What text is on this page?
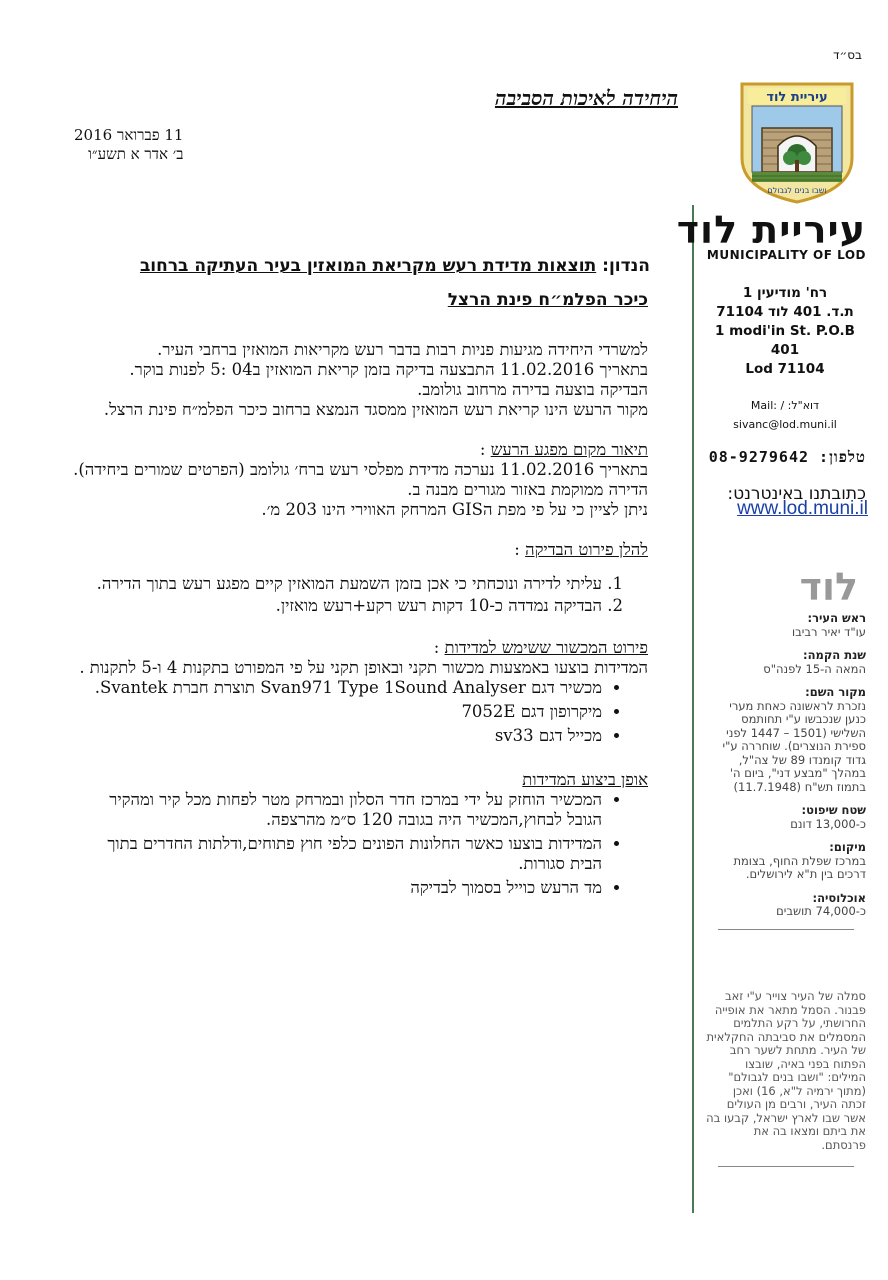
בס״ד
היחידה לאיכות הסביבה
11 פברואר 2016
ב׳ אדר א תשע״ו
עיריית לוד
ושבו בנים לגבולם
עיריית לוד
MUNICIPALITY OF LOD
רח' מודיעין 1
ת.ד. 401 לוד 71104
1 modi'in St. P.O.B
401
Lod 71104
Mail: / :דוא"ל
sivanc@lod.muni.il
טלפון: 08-9279642
כתובתנו באינטרנט:
www.lod.muni.il
לוד
ראש העיר:
עו"ד יאיר רביבו
שנת הקמה:
המאה ה-15 לפנה"ס
מקור השם:
נזכרת לראשונה כאחת מערי כנען שנכבשו ע"י תחותמס השלישי (1501 – 1447 לפני ספירת הנוצרים). שוחררה ע"י גדוד קומנדו 89 של צה"ל, במהלך "מבצע דני", ביום ה' בתמוז תש"ח (11.7.1948)
שטח שיפוט:
כ-13,000 דונם
מיקום:
במרכז שפלת החוף, בצומת דרכים בין ת"א לירושלים.
אוכלוסיה:
כ-74,000 תושבים
סמלה של העיר צוייר ע"י זאב פבנור. הסמל מתאר את אופייה החרושתי, על רקע התלמים המסמלים את סביבתה החקלאית של העיר. מתחת לשער רחב הפתוח בפני באיה, שובצו המילים: "ושבו בנים לגבולם" (מתוך ירמיה ל"א, 16) ואכן זכתה העיר, ורבים מן העולים אשר שבו לארץ ישראל, קבעו בה את ביתם ומצאו בה את פרנסתם.
הנדון: תוצאות מדידת רעש מקריאת המואזין בעיר העתיקה ברחוב
כיכר הפלמ״ח פינת הרצל

למשרדי היחידה מגיעות פניות רבות בדבר רעש מקריאות המואזין ברחבי העיר.

בתאריך 11.02.2016 התבצעה בדיקה בזמן קריאת המואזין ב04 :5 לפנות בוקר.

הבדיקה בוצעה בדירה מרחוב גולומב.

מקור הרעש הינו קריאת רעש המואזין ממסגד הנמצא ברחוב כיכר הפלמ״ח פינת הרצל.

תיאור מקום מפגע הרעש :

בתאריך 11.02.2016 נערכה מדידת מפלסי רעש ברח׳ גולומב (הפרטים שמורים ביחידה). הדירה ממוקמת באזור מגורים מבנה ב.

ניתן לציין כי על פי מפת הGIS המרחק האווירי הינו 203 מ׳.

להלן פירוט הבדיקה :

1. עליתי לדירה ונוכחתי כי אכן בזמן השמעת המואזין קיים מפגע רעש בתוך הדירה.
2. הבדיקה נמדדה כ-10 דקות רעש רקע+רעש מואזין.

פירוט המכשור ששימש למדידות :

המדידות בוצעו באמצעות מכשור תקני ובאופן תקני על פי המפורט בתקנות 4 ו-5 לתקנות .

• מכשיר דגם Svan971 Type 1Sound Analyser תוצרת חברת Svantek.
• מיקרופון דגם 7052E
• מכייל דגם sv33

אופן ביצוע המדידות

• המכשיר הוחזק על ידי במרכז חדר הסלון ובמרחק מטר לפחות מכל קיר ומהקיר הגובל לבחוץ,המכשיר היה בגובה 120 ס״מ מהרצפה.
• המדידות בוצעו כאשר החלונות הפונים כלפי חוץ פתוחים,ודלתות החדרים בתוך הבית סגורות.
• מד הרעש כוייל בסמוך לבדיקה
